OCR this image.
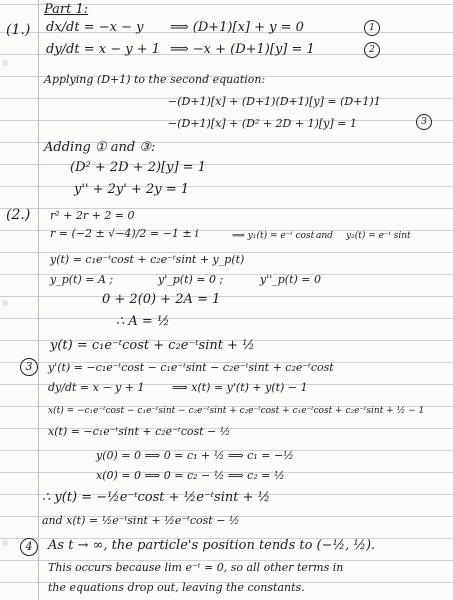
Part 1:
(1.) dx/dt = −x − y ⟹ (D+1)[x] + y = 0	1
dy/dt = x − y + 1 ⟹ −x + (D+1)[y] = 1	2
Applying (D+1) to the second equation:
−(D+1)[x] + (D+1)(D+1)[y] = (D+1)1
−(D+1)[x] + (D² + 2D + 1)[y] = 1	3
Adding ① and ③:
(D² + 2D + 2)[y] = 1
y'' + 2y' + 2y = 1
(2.) r² + 2r + 2 = 0
r = (−2 ± √−4)/2 = −1 ± i	⟹ y₁(t) = e⁻ᵗ cost and y₂(t) = e⁻ᵗ sint
y(t) = c₁e⁻ᵗcost + c₂e⁻ᵗsint + y_p(t)
y_p(t) = A ;	y'_p(t) = 0 ;	y''_p(t) = 0
0 + 2(0) + 2A = 1
∴ A = ½
3
y(t) = c₁e⁻ᵗcost + c₂e⁻ᵗsint + ½
y'(t) = −c₁e⁻ᵗcost − c₁e⁻ᵗsint − c₂e⁻ᵗsint + c₂e⁻ᵗcost
dy/dt = x − y + 1	⟹ x(t) = y'(t) + y(t) − 1
x(t) = −c₁e⁻ᵗcost − c₁e⁻ᵗsint − c₂e⁻ᵗsint + c₂e⁻ᵗcost + c₁e⁻ᵗcost + c₂e⁻ᵗsint + ½ − 1
x(t) = −c₁e⁻ᵗsint + c₂e⁻ᵗcost − ½
y(0) = 0 ⟹ 0 = c₁ + ½ ⟹ c₁ = −½
x(0) = 0 ⟹ 0 = c₂ − ½ ⟹ c₂ = ½
∴ y(t) = −½e⁻ᵗcost + ½e⁻ᵗsint + ½
and x(t) = ½e⁻ᵗsint + ½e⁻ᵗcost − ½
4	As t → ∞, the particle's position tends to (−½, ½).
This occurs because lim e⁻ᵗ = 0, so all other terms in
the equations drop out, leaving the constants.
